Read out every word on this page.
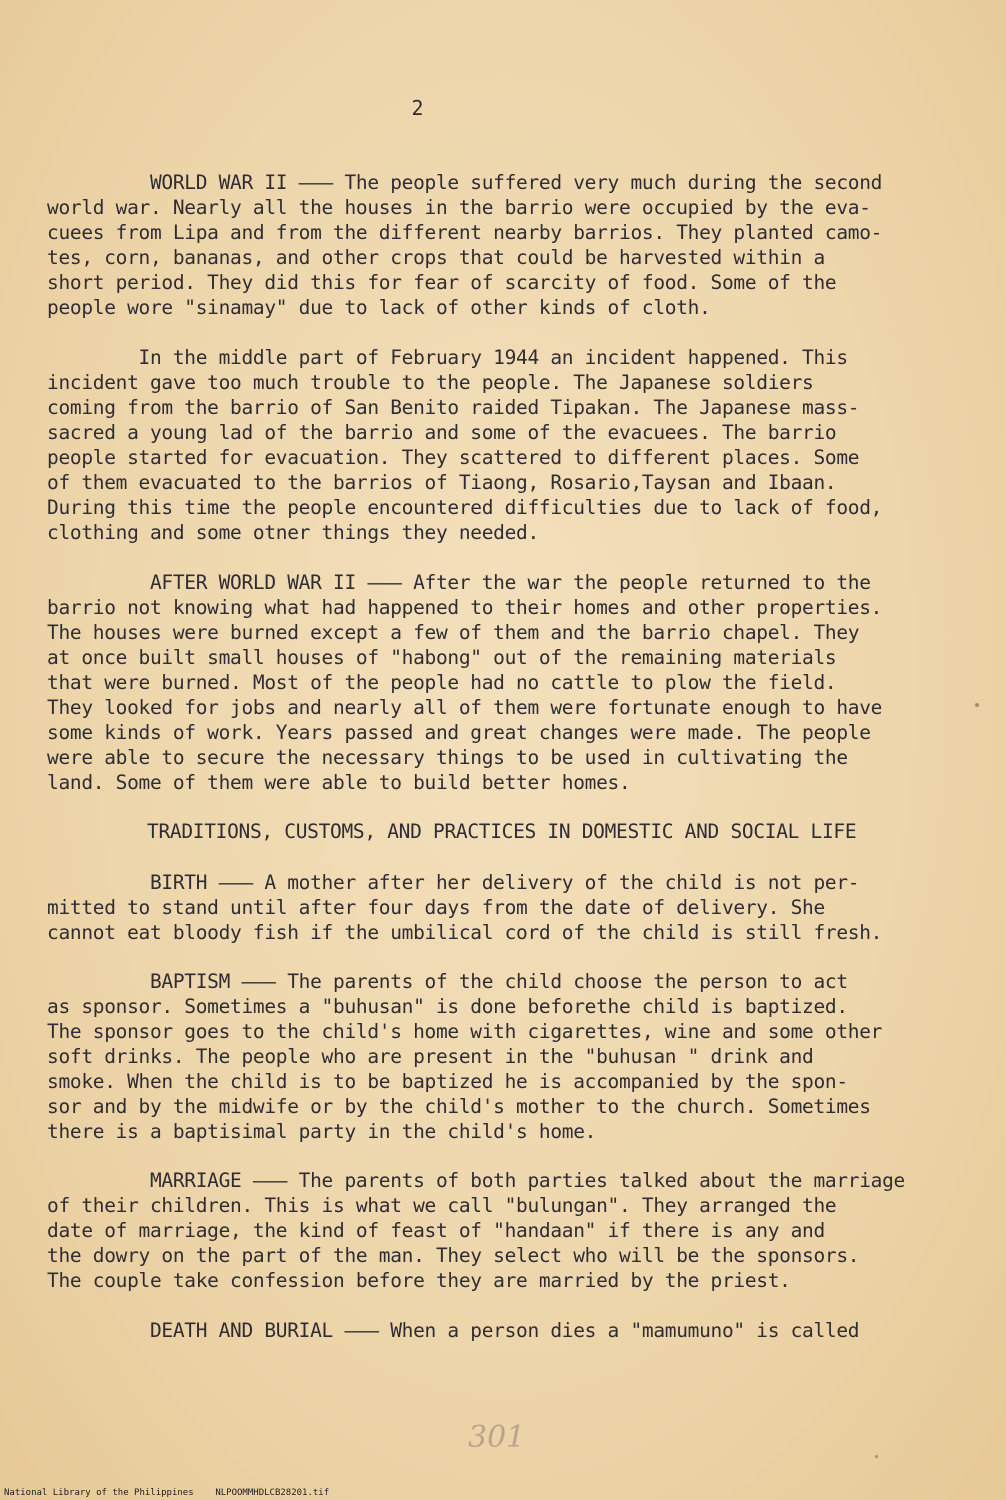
2
WORLD WAR II ––– The people suffered very much during the second
world war. Nearly all the houses in the barrio were occupied by the eva-
cuees from Lipa and from the different nearby barrios. They planted camo-
tes, corn, bananas, and other crops that could be harvested within a
short period. They did this for fear of scarcity of food. Some of the
people wore "sinamay" due to lack of other kinds of cloth.
In the middle part of February 1944 an incident happened. This
incident gave too much trouble to the people. The Japanese soldiers
coming from the barrio of San Benito raided Tipakan. The Japanese mass-
sacred a young lad of the barrio and some of the evacuees. The barrio
people started for evacuation. They scattered to different places. Some
of them evacuated to the barrios of Tiaong, Rosario,Taysan and Ibaan.
During this time the people encountered difficulties due to lack of food,
clothing and some otner things they needed.
AFTER WORLD WAR II ––– After the war the people returned to the
barrio not knowing what had happened to their homes and other properties.
The houses were burned except a few of them and the barrio chapel. They
at once built small houses of "habong" out of the remaining materials
that were burned. Most of the people had no cattle to plow the field.
They looked for jobs and nearly all of them were fortunate enough to have
some kinds of work. Years passed and great changes were made. The people
were able to secure the necessary things to be used in cultivating the
land. Some of them were able to build better homes.
TRADITIONS, CUSTOMS, AND PRACTICES IN DOMESTIC AND SOCIAL LIFE
BIRTH ––– A mother after her delivery of the child is not per-
mitted to stand until after four days from the date of delivery. She
cannot eat bloody fish if the umbilical cord of the child is still fresh.
BAPTISM ––– The parents of the child choose the person to act
as sponsor. Sometimes a "buhusan" is done beforethe child is baptized.
The sponsor goes to the child's home with cigarettes, wine and some other
soft drinks. The people who are present in the "buhusan " drink and
smoke. When the child is to be baptized he is accompanied by the spon-
sor and by the midwife or by the child's mother to the church. Sometimes
there is a baptisimal party in the child's home.
MARRIAGE ––– The parents of both parties talked about the marriage
of their children. This is what we call "bulungan". They arranged the
date of marriage, the kind of feast of "handaan" if there is any and
the dowry on the part of the man. They select who will be the sponsors.
The couple take confession before they are married by the priest.
DEATH AND BURIAL ––– When a person dies a "mamumuno" is called
301
National Library of the Philippines NLPOOMMHDLCB28201.tif
